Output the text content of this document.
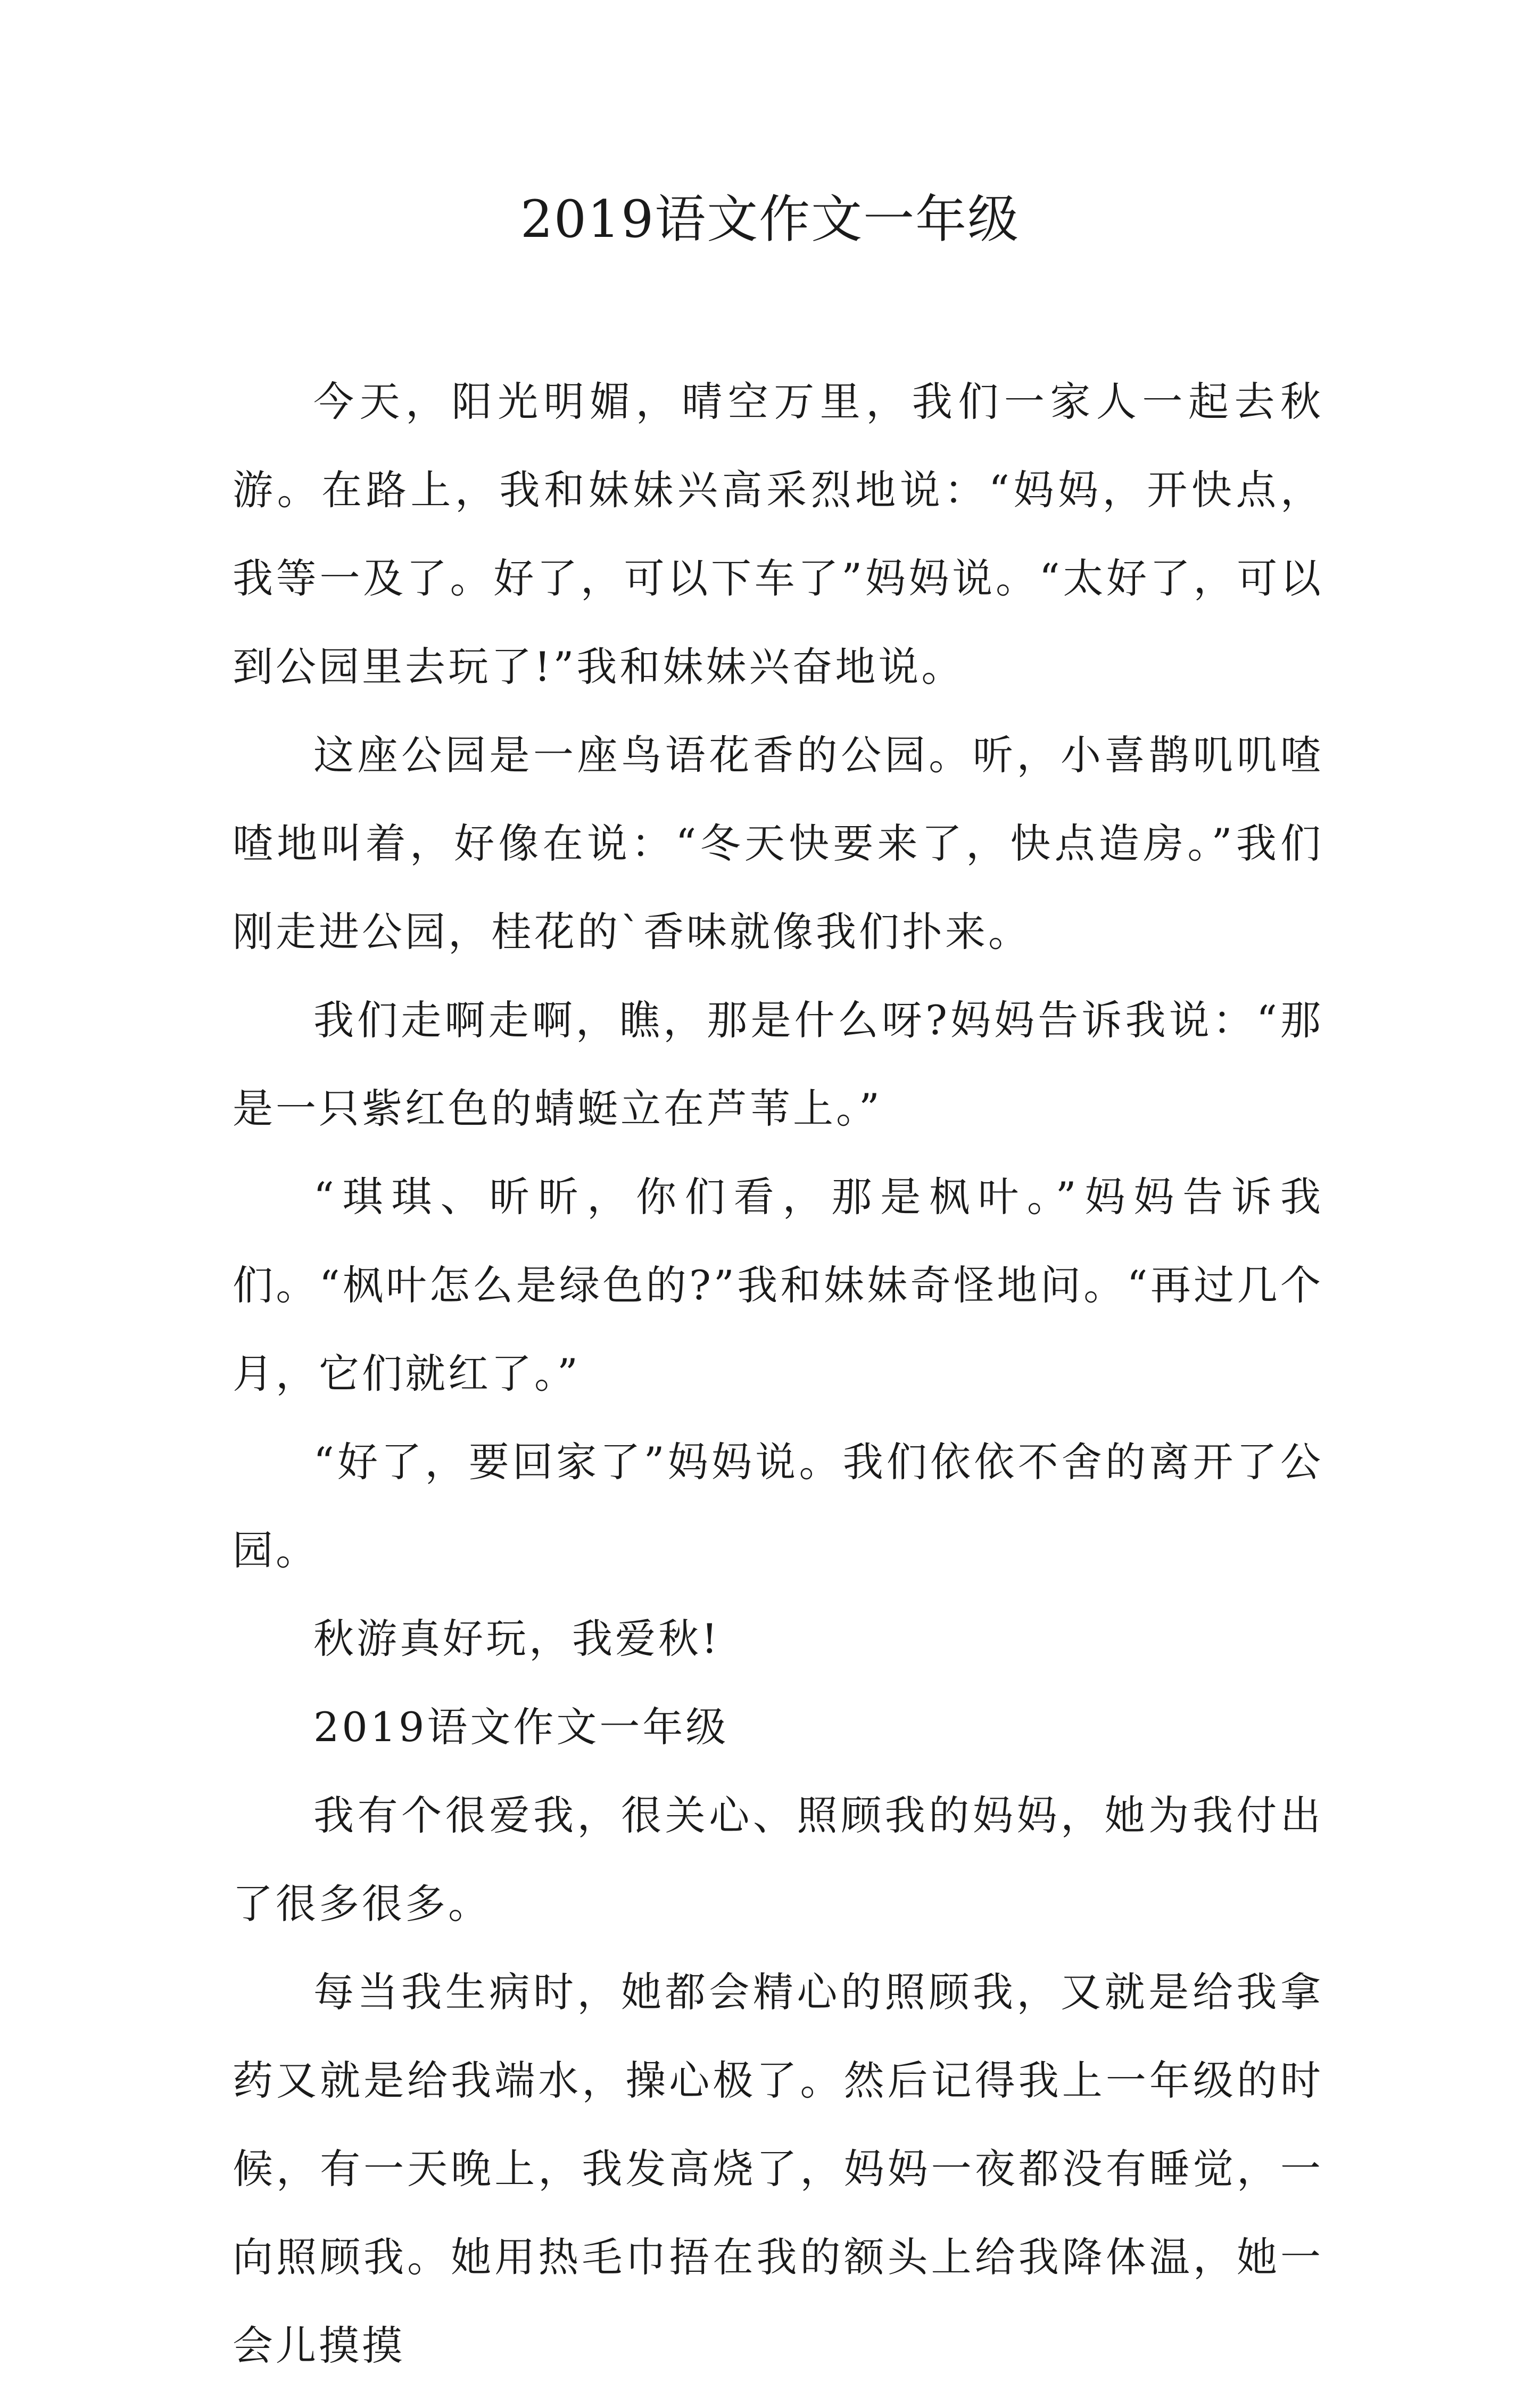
2019语文作文一年级

今天，阳光明媚，晴空万里，我们一家人一起去秋游。在路上，我和妹妹兴高采烈地说：“妈妈，开快点，我等一及了。好了，可以下车了”妈妈说。“太好了，可以到公园里去玩了!”我和妹妹兴奋地说。

这座公园是一座鸟语花香的公园。听，小喜鹊叽叽喳喳地叫着，好像在说：“冬天快要来了，快点造房。”我们刚走进公园，桂花的`香味就像我们扑来。

我们走啊走啊，瞧，那是什么呀?妈妈告诉我说：“那是一只紫红色的蜻蜓立在芦苇上。”

“琪琪、昕昕，你们看，那是枫叶。”妈妈告诉我们。“枫叶怎么是绿色的?”我和妹妹奇怪地问。“再过几个月，它们就红了。”

“好了，要回家了”妈妈说。我们依依不舍的离开了公园。

秋游真好玩，我爱秋!

2019语文作文一年级

我有个很爱我，很关心、照顾我的妈妈，她为我付出了很多很多。

每当我生病时，她都会精心的照顾我，又就是给我拿药又就是给我端水，操心极了。然后记得我上一年级的时候，有一天晚上，我发高烧了，妈妈一夜都没有睡觉，一向照顾我。她用热毛巾捂在我的额头上给我降体温，她一会儿摸摸
